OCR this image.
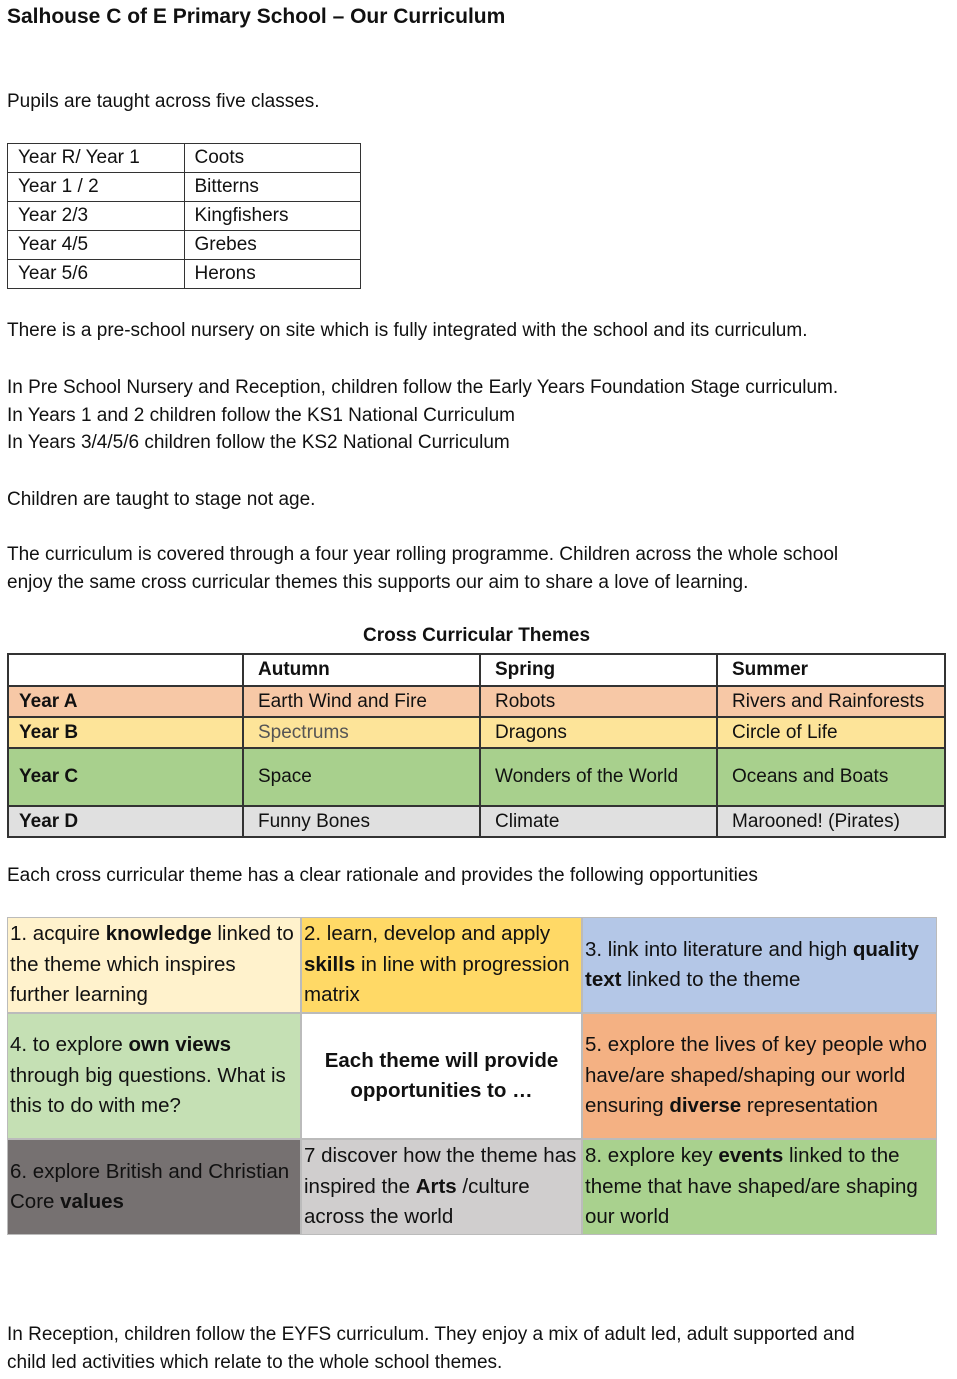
Salhouse C of E Primary School – Our Curriculum
Pupils are taught across five classes.
Year R/ Year 1	Coots
Year 1 / 2	Bitterns
Year 2/3	Kingfishers
Year 4/5	Grebes
Year 5/6	Herons
There is a pre-school nursery on site which is fully integrated with the school and its curriculum.
In Pre School Nursery and Reception, children follow the Early Years Foundation Stage curriculum.
In Years 1 and 2 children follow the KS1 National Curriculum
In Years 3/4/5/6 children follow the KS2 National Curriculum
Children are taught to stage not age.
The curriculum is covered through a four year rolling programme. Children across the whole school
enjoy the same cross curricular themes this supports our aim to share a love of learning.
Cross Curricular Themes
	Autumn	Spring	Summer
Year A	Earth Wind and Fire	Robots	Rivers and Rainforests
Year B	Spectrums	Dragons	Circle of Life
Year C	Space	Wonders of the World	Oceans and Boats
Year D	Funny Bones	Climate	Marooned! (Pirates)
Each cross curricular theme has a clear rationale and provides the following opportunities
1. acquire knowledge linked to the theme which inspires further learning
2. learn, develop and apply skills in line with progression matrix
3. link into literature and high quality text linked to the theme
4. to explore own views through big questions. What is this to do with me?
Each theme will provide opportunities to …
5. explore the lives of key people who have/are shaped/shaping our world ensuring diverse representation
6. explore British and Christian Core values
7 discover how the theme has inspired the Arts /culture across the world
8. explore key events linked to the theme that have shaped/are shaping our world
In Reception, children follow the EYFS curriculum. They enjoy a mix of adult led, adult supported and
child led activities which relate to the whole school themes.
